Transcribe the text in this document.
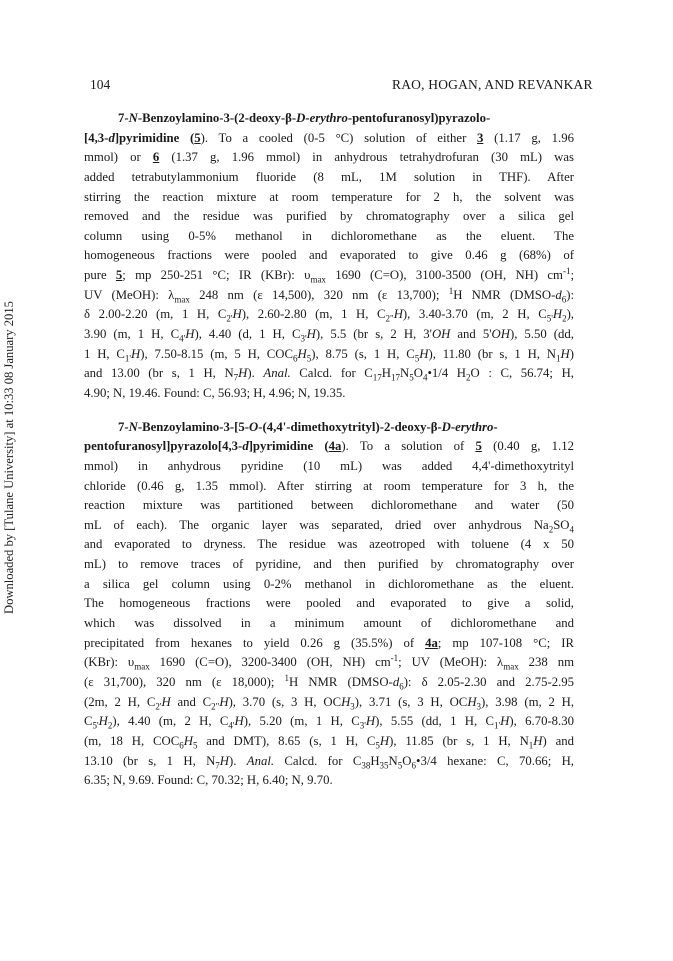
104	RAO, HOGAN, AND REVANKAR
Downloaded by [Tulane University] at 10:33 08 January 2015
7-N-Benzoylamino-3-(2-deoxy-β-D-erythro-pentofuranosyl)pyrazolo-
[4,3-d]pyrimidine (5). To a cooled (0-5 °C) solution of either 3 (1.17 g, 1.96
mmol) or 6 (1.37 g, 1.96 mmol) in anhydrous tetrahydrofuran (30 mL) was
added tetrabutylammonium fluoride (8 mL, 1M solution in THF). After
stirring the reaction mixture at room temperature for 2 h, the solvent was
removed and the residue was purified by chromatography over a silica gel
column using 0-5% methanol in dichloromethane as the eluent. The
homogeneous fractions were pooled and evaporated to give 0.46 g (68%) of
pure 5; mp 250-251 °C; IR (KBr): $\upsilon_{max}$ 1690 (C=O), 3100-3500 (OH, NH) $cm^{-1}$;
UV (MeOH): $\lambda_{max}$ 248 nm (ε 14,500), 320 nm (ε 13,700); $^1$H NMR $(DMSO-d_6)$:
δ 2.00-2.20 (m, 1 H, $C_{2'}H$), 2.60-2.80 (m, 1 H, $C_{2"}H$), 3.40-3.70 (m, 2 H, $C_{5'}H_2$),
3.90 (m, 1 H, $C_{4'}H$), 4.40 (d, 1 H, $C_{3'}H$), 5.5 (br s, 2 H, 3'OH and 5'OH), 5.50 (dd,
1 H, $C_{1'}H$), 7.50-8.15 (m, 5 H, $COC_6H_5$), 8.75 (s, 1 H, $C_5H$), 11.80 (br s, 1 H, $N_1H$)
and 13.00 (br s, 1 H, $N_7H$). Anal. Calcd. for $C_{17}H_{17}N_5O_4•1/4$ $H_2O$ : C, 56.74; H,
4.90; N, 19.46. Found: C, 56.93; H, 4.96; N, 19.35.
7-N-Benzoylamino-3-[5-O-(4,4'-dimethoxytrityl)-2-deoxy-β-D-erythro-
pentofuranosyl]pyrazolo[4,3-d]pyrimidine (4a). To a solution of 5 (0.40 g, 1.12
mmol) in anhydrous pyridine (10 mL) was added 4,4'-dimethoxytrityl
chloride (0.46 g, 1.35 mmol). After stirring at room temperature for 3 h, the
reaction mixture was partitioned between dichloromethane and water (50
mL of each). The organic layer was separated, dried over anhydrous $Na_2SO_4$
and evaporated to dryness. The residue was azeotroped with toluene (4 x 50
mL) to remove traces of pyridine, and then purified by chromatography over
a silica gel column using 0-2% methanol in dichloromethane as the eluent.
The homogeneous fractions were pooled and evaporated to give a solid,
which was dissolved in a minimum amount of dichloromethane and
precipitated from hexanes to yield 0.26 g (35.5%) of 4a; mp 107-108 °C; IR
(KBr): $\upsilon_{max}$ 1690 (C=O), 3200-3400 (OH, NH) $cm^{-1}$; UV (MeOH): $\lambda_{max}$ 238 nm
(ε 31,700), 320 nm (ε 18,000); $^1$H NMR $(DMSO-d_6)$: δ 2.05-2.30 and 2.75-2.95
(2m, 2 H, $C_{2'}H$ and $C_{2"}H$), 3.70 (s, 3 H, $OCH_3$), 3.71 (s, 3 H, $OCH_3$), 3.98 (m, 2 H,
$C_{5'}H_2$), 4.40 (m, 2 H, $C_{4'}H$), 5.20 (m, 1 H, $C_{3'}H$), 5.55 (dd, 1 H, $C_{1'}H$), 6.70-8.30
(m, 18 H, $COC_6H_5$ and DMT), 8.65 (s, 1 H, $C_5H$), 11.85 (br s, 1 H, $N_1H$) and
13.10 (br s, 1 H, $N_7H$). Anal. Calcd. for $C_{38}H_{35}N_5O_6•3/4$ hexane: C, 70.66; H,
6.35; N, 9.69. Found: C, 70.32; H, 6.40; N, 9.70.
